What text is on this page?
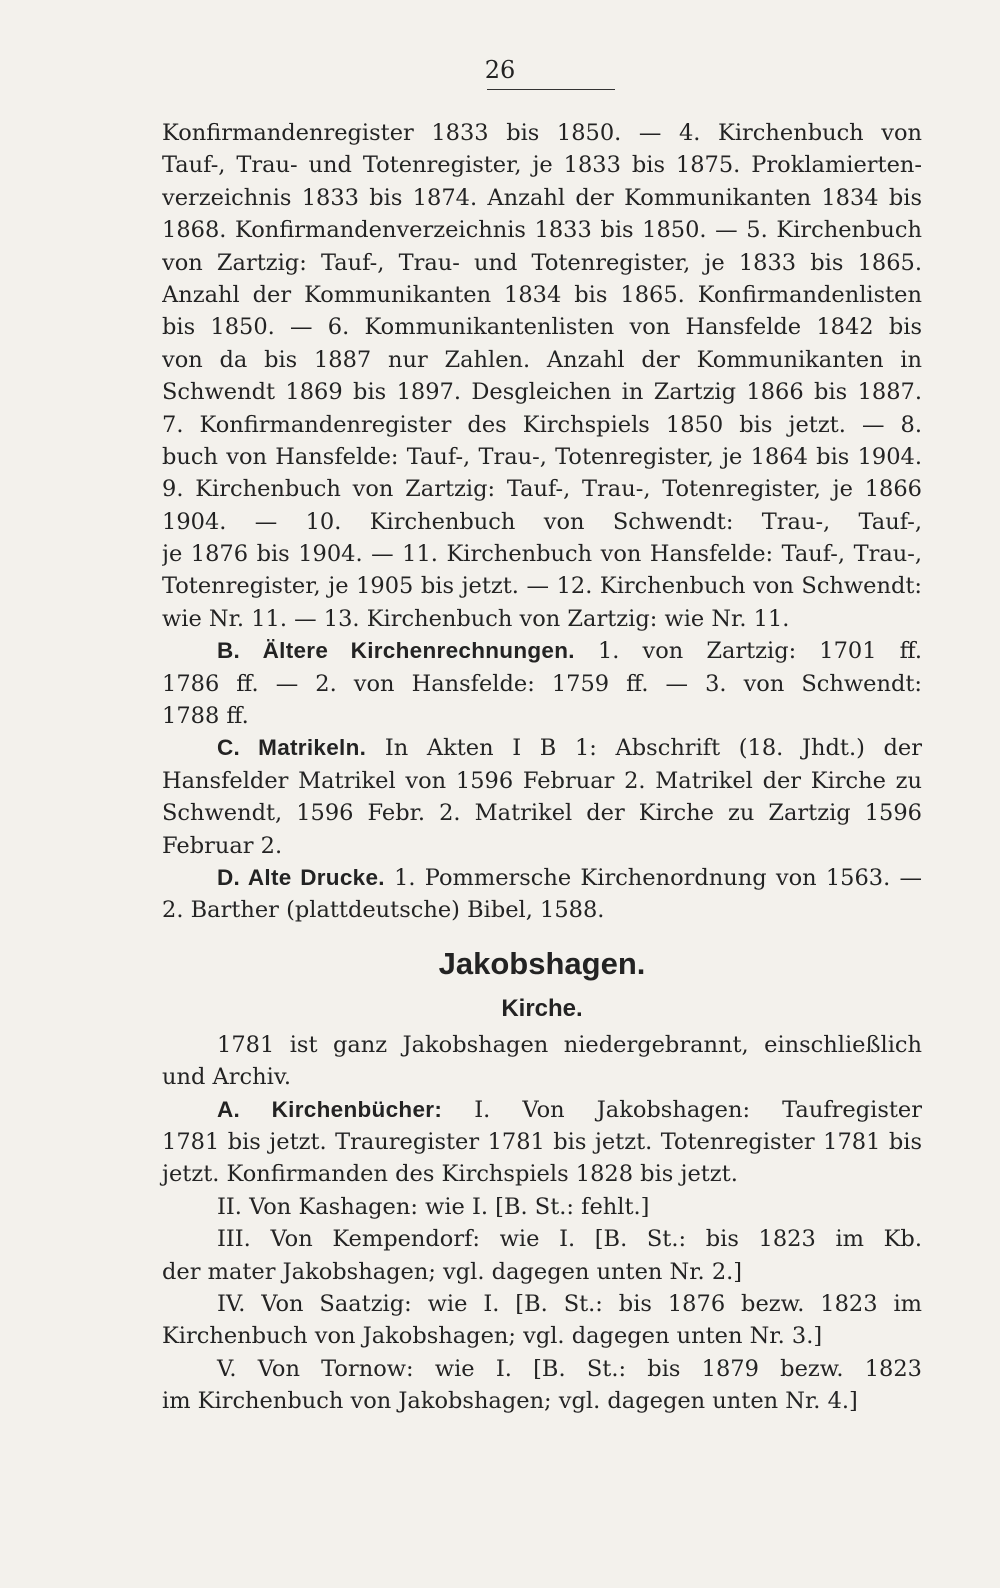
26
Konfirmandenregister 1833 bis 1850. — 4. Kirchenbuch von
Tauf-, Trau- und Totenregister, je 1833 bis 1875. Proklamierten-
verzeichnis 1833 bis 1874. Anzahl der Kommunikanten 1834 bis
1868. Konfirmandenverzeichnis 1833 bis 1850. — 5. Kirchenbuch
von Zartzig: Tauf-, Trau- und Totenregister, je 1833 bis 1865.
Anzahl der Kommunikanten 1834 bis 1865. Konfirmandenlisten
bis 1850. — 6. Kommunikantenlisten von Hansfelde 1842 bis
von da bis 1887 nur Zahlen. Anzahl der Kommunikanten in
Schwendt 1869 bis 1897. Desgleichen in Zartzig 1866 bis 1887.
7. Konfirmandenregister des Kirchspiels 1850 bis jetzt. — 8.
buch von Hansfelde: Tauf-, Trau-, Totenregister, je 1864 bis 1904.
9. Kirchenbuch von Zartzig: Tauf-, Trau-, Totenregister, je 1866
1904. — 10. Kirchenbuch von Schwendt: Trau-, Tauf-,
je 1876 bis 1904. — 11. Kirchenbuch von Hansfelde: Tauf-, Trau-,
Totenregister, je 1905 bis jetzt. — 12. Kirchenbuch von Schwendt:
wie Nr. 11. — 13. Kirchenbuch von Zartzig: wie Nr. 11.
B. Ältere Kirchenrechnungen. 1. von Zartzig: 1701 ff.
1786 ff. — 2. von Hansfelde: 1759 ff. — 3. von Schwendt:
1788 ff.
C. Matrikeln. In Akten I B 1: Abschrift (18. Jhdt.) der
Hansfelder Matrikel von 1596 Februar 2. Matrikel der Kirche zu
Schwendt, 1596 Febr. 2. Matrikel der Kirche zu Zartzig 1596
Februar 2.
D. Alte Drucke. 1. Pommersche Kirchenordnung von 1563. —
2. Barther (plattdeutsche) Bibel, 1588.
Jakobshagen.
Kirche.
1781 ist ganz Jakobshagen niedergebrannt, einschließlich
und Archiv.
A. Kirchenbücher: I. Von Jakobshagen: Taufregister
1781 bis jetzt. Trauregister 1781 bis jetzt. Totenregister 1781 bis
jetzt. Konfirmanden des Kirchspiels 1828 bis jetzt.
II. Von Kashagen: wie I. [B. St.: fehlt.]
III. Von Kempendorf: wie I. [B. St.: bis 1823 im Kb.
der mater Jakobshagen; vgl. dagegen unten Nr. 2.]
IV. Von Saatzig: wie I. [B. St.: bis 1876 bezw. 1823 im
Kirchenbuch von Jakobshagen; vgl. dagegen unten Nr. 3.]
V. Von Tornow: wie I. [B. St.: bis 1879 bezw. 1823
im Kirchenbuch von Jakobshagen; vgl. dagegen unten Nr. 4.]
